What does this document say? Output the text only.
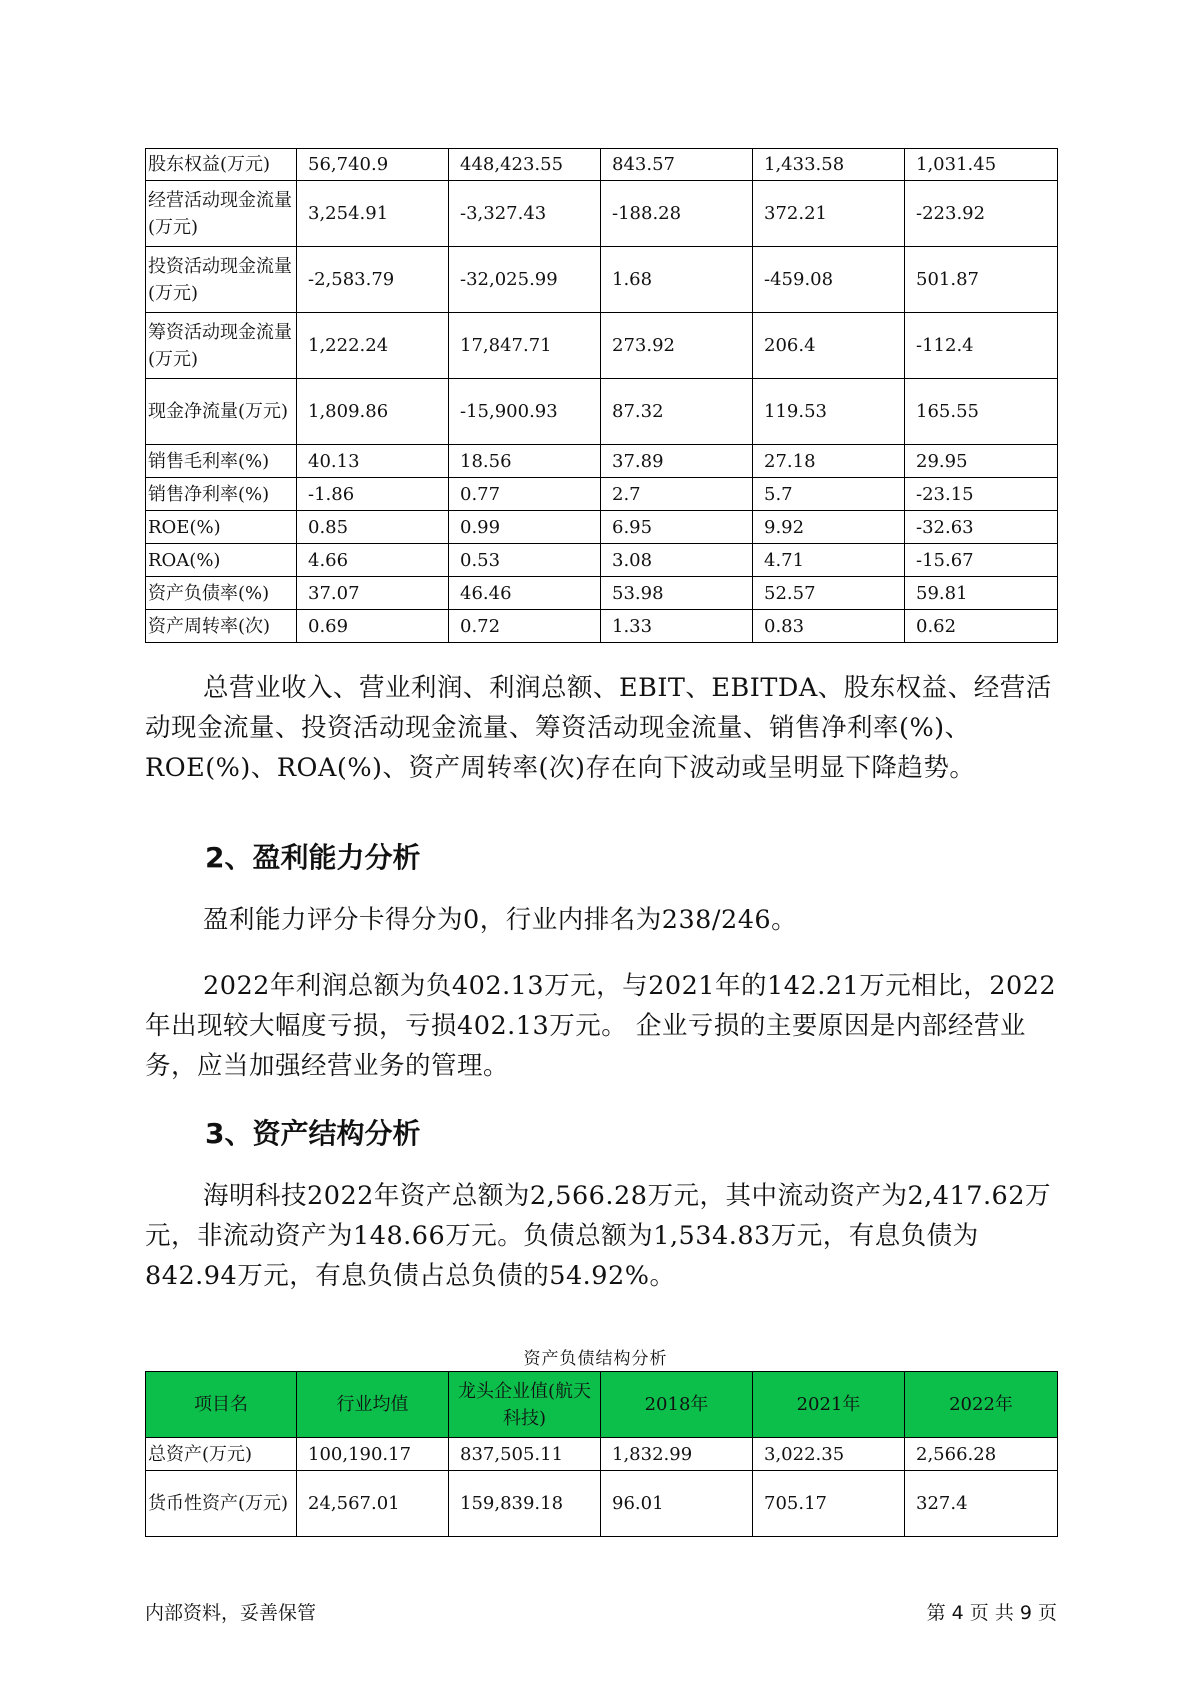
股东权益(万元)	56,740.9	448,423.55	843.57	1,433.58	1,031.45
经营活动现金流量(万元)	3,254.91	-3,327.43	-188.28	372.21	-223.92
投资活动现金流量(万元)	-2,583.79	-32,025.99	1.68	-459.08	501.87
筹资活动现金流量(万元)	1,222.24	17,847.71	273.92	206.4	-112.4
现金净流量(万元)	1,809.86	-15,900.93	87.32	119.53	165.55
销售毛利率(%)	40.13	18.56	37.89	27.18	29.95
销售净利率(%)	-1.86	0.77	2.7	5.7	-23.15
ROE(%)	0.85	0.99	6.95	9.92	-32.63
ROA(%)	4.66	0.53	3.08	4.71	-15.67
资产负债率(%)	37.07	46.46	53.98	52.57	59.81
资产周转率(次)	0.69	0.72	1.33	0.83	0.62

总营业收入、营业利润、利润总额、EBIT、EBITDA、股东权益、经营活动现金流量、投资活动现金流量、筹资活动现金流量、销售净利率(%)、ROE(%)、ROA(%)、资产周转率(次)存在向下波动或呈明显下降趋势。

2、盈利能力分析

盈利能力评分卡得分为0，行业内排名为238/246。

2022年利润总额为负402.13万元，与2021年的142.21万元相比，2022年出现较大幅度亏损，亏损402.13万元。 企业亏损的主要原因是内部经营业务，应当加强经营业务的管理。

3、资产结构分析

海明科技2022年资产总额为2,566.28万元，其中流动资产为2,417.62万元，非流动资产为148.66万元。负债总额为1,534.83万元，有息负债为842.94万元，有息负债占总负债的54.92%。

资产负债结构分析
项目名	行业均值	龙头企业值(航天科技)	2018年	2021年	2022年
总资产(万元)	100,190.17	837,505.11	1,832.99	3,022.35	2,566.28
货币性资产(万元)	24,567.01	159,839.18	96.01	705.17	327.4
内部资料，妥善保管	第 4 页 共 9 页
